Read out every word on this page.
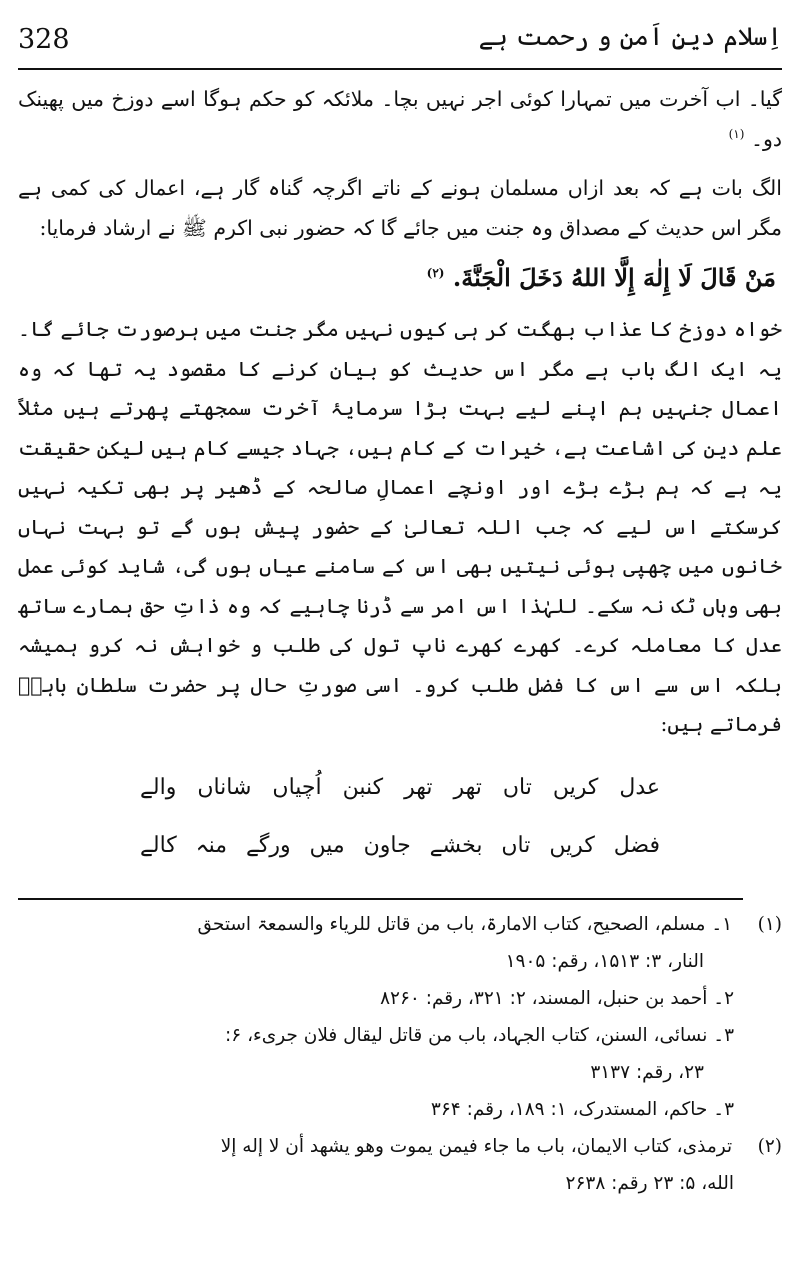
328	اِسلام دینِ اَمن و رحمت ہے

گیا۔ اب آخرت میں تمہارا کوئی اجر نہیں بچا۔ ملائکہ کو حکم ہوگا اسے دوزخ میں پھینک دو۔ $^{(۱)}$

الگ بات ہے کہ بعد ازاں مسلمان ہونے کے ناتے اگرچہ گناہ گار ہے، اعمال کی کمی ہے مگر اس حدیث کے مصداق وہ جنت میں جائے گا کہ حضور نبی اکرم ﷺ نے ارشاد فرمایا:

مَنْ قَالَ لَا إِلٰهَ إِلَّا اللهُ دَخَلَ الْجَنَّةَ. $^{(۲)}$

خواہ دوزخ کا عذاب بھگت کر ہی کیوں نہیں مگر جنت میں ہرصورت جائے گا۔ یہ ایک الگ باب ہے مگر اس حدیث کو بیان کرنے کا مقصود یہ تھا کہ وہ اعمال جنہیں ہم اپنے لیے بہت بڑا سرمایۂ آخرت سمجھتے پھرتے ہیں مثلاً علم دین کی اشاعت ہے، خیرات کے کام ہیں، جہاد جیسے کام ہیں لیکن حقیقت یہ ہے کہ ہم بڑے بڑے اور اونچے اعمالِ صالحہ کے ڈھیر پر بھی تکیہ نہیں کرسکتے اس لیے کہ جب اللہ تعالیٰ کے حضور پیش ہوں گے تو بہت نہاں خانوں میں چھپی ہوئی نیتیں بھی اس کے سامنے عیاں ہوں گی، شاید کوئی عمل بھی وہاں ٹک نہ سکے۔ للہٰذا اس امر سے ڈرنا چاہیے کہ وہ ذاتِ حق ہمارے ساتھ عدل کا معاملہ کرے۔ کھرے کھرے ناپ تول کی طلب و خواہش نہ کرو ہمیشہ بلکہ اس سے اس کا فضل طلب کرو۔ اسی صورتِ حال پر حضرت سلطان باہوؒ فرماتے ہیں:

عدل کریں تاں تھر تھر کنبن اُچیاں شاناں والے

فضل کریں تاں بخشے جاون میں ورگے منہ کالے

(۱) ۱۔ مسلم، الصحیح، کتاب الامارۃ، باب من قاتل للریاء والسمعۃ استحق

النار، ۳: ۱۵۱۳، رقم: ۱۹۰۵

۲۔ أحمد بن حنبل، المسند، ۲: ۳۲۱، رقم: ۸۲۶۰

۳۔ نسائی، السنن، کتاب الجہاد، باب من قاتل لیقال فلان جریء، ۶:

۲۳، رقم: ۳۱۳۷

۳۔ حاکم، المستدرک، ۱: ۱۸۹، رقم: ۳۶۴

(۲) ترمذی، کتاب الایمان، باب ما جاء فیمن یموت وهو یشهد أن لا إله إلا

الله، ۵: ۲۳ رقم: ۲۶۳۸
